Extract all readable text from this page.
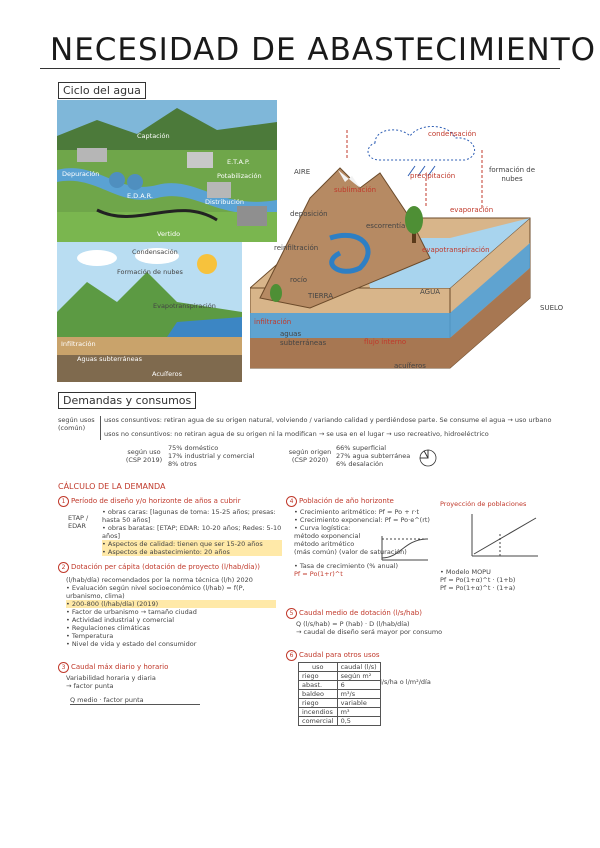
NECESIDAD DE ABASTECIMIENTO
Ciclo del agua
Captación
Depuración
E.D.A.R.
E.T.A.P.
Potabilización
Distribución
Vertido
Condensación
Formación de nubes
Evapotranspiración
Infiltración
Aguas subterráneas
Acuíferos
condensación
precipitación
formación de nubes
AIRE
sublimación
evaporación
deposición
escorrentía
evapotranspiración
reinfiltración
rocío
TIERRA	AGUA
SUELO
infiltración
aguas subterráneas	flujo interno
acuíferos
Demandas y consumos
según usos (común)
usos consuntivos: retiran agua de su origen natural, volviendo / variando calidad y perdiéndose parte. Se consume el agua → uso urbano
usos no consuntivos: no retiran agua de su origen ni la modifican → se usa en el lugar → uso recreativo, hidroeléctrico
según uso (CSP 2019)
75% doméstico
17% industrial y comercial
8% otros
según origen (CSP 2020)
66% superficial
27% agua subterránea
6% desalación
CÁLCULO DE LA DEMANDA
1 Período de diseño y/o horizonte de años a cubrir
ETAP / EDAR
• obras caras: [lagunas de toma: 15-25 años; presas: hasta 50 años]
• obras baratas: [ETAP; EDAR: 10-20 años; Redes: 5-10 años]
• Aspectos de calidad: tienen que ser 15-20 años
• Aspectos de abastecimiento: 20 años
2 Dotación per cápita (dotación de proyecto (l/hab/día))
(l/hab/día) recomendados por la norma técnica (l/h) 2020
• Evaluación según nivel socioeconómico (l/hab) = f(P, urbanismo, clima)
• 200-800 (l/hab/día) (2019)
• Factor de urbanismo → tamaño ciudad
• Actividad industrial y comercial
• Regulaciones climáticas
• Temperatura
• Nivel de vida y estado del consumidor
3 Caudal máx diario y horario
Variabilidad horaria y diaria
→ factor punta
Q medio · factor punta
4 Población de año horizonte
• Crecimiento aritmético: Pf = Po + r·t
• Crecimiento exponencial: Pf = Po·e^(rt)
• Curva logística:
método exponencial
método aritmético
(más común) (valor de saturación)
• Tasa de crecimiento (% anual)
Pf = Po(1+r)^t
Proyección de poblaciones
• Modelo MOPU
Pf = Po(1+α)^t · (1+b)
Pf = Po(1+α)^t · (1+a)
5 Caudal medio de dotación (l/s/hab)
Q (l/s/hab) = P (hab) · D (l/hab/día)
→ caudal de diseño será mayor por consumo
6 Caudal para otros usos
uso	caudal (l/s)
riego	según m²
abast.	6
baldeo	m³/s
riego	variable
incendios	m³
comercial	0,5
l/s/ha o l/m²/día
